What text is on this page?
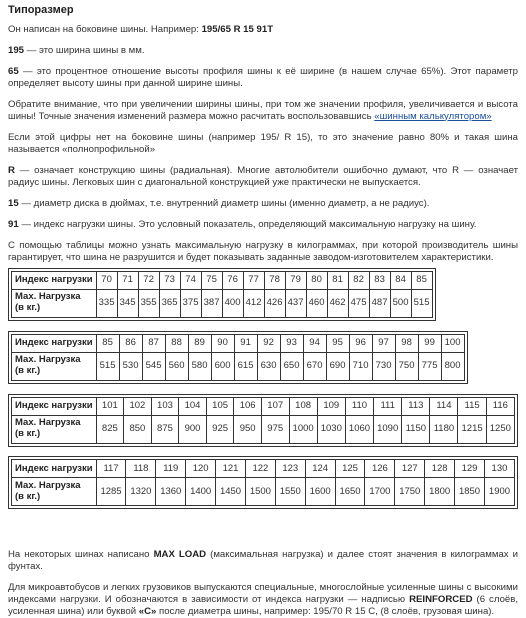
Типоразмер

Он написан на боковине шины. Например: 195/65 R 15 91T

195 — это ширина шины в мм.

65 — это процентное отношение высоты профиля шины к её ширине (в нашем случае 65%). Этот параметр определяет высоту шины при данной ширине шины.

Обратите внимание, что при увеличении ширины шины, при том же значении профиля, увеличивается и высота шины! Точные значения изменений размера можно расчитать воспользовавшись «шинным калькулятором»

Если этой цифры нет на боковине шины (например 195/ R 15), то это значение равно 80% и такая шина называется «полнопрофильной»

R — означает конструкцию шины (радиальная). Многие автолюбители ошибочно думают, что R — означает радиус шины. Легковых шин с диагональной конструкцией уже практически не выпускается.

15 — диаметр диска в дюймах, т.е. внутренний диаметр шины (именно диаметр, а не радиус).

91 — индекс нагрузки шины. Это условный показатель, определяющий максимальную нагрузку на шину.

С помощью таблицы можно узнать максимальную нагрузку в килограммах, при которой производитель шины гарантирует, что шина не разрушится и будет показывать заданные заводом-изготовителем характеристики.

Индекс нагрузки	70	71	72	73	74	75	76	77	78	79	80	81	82	83	84	85
Мах. Нагрузка
(в кг.)	335	345	355	365	375	387	400	412	426	437	460	462	475	487	500	515

Индекс нагрузки	85	86	87	88	89	90	91	92	93	94	95	96	97	98	99	100
Мах. Нагрузка
(в кг.)	515	530	545	560	580	600	615	630	650	670	690	710	730	750	775	800

Индекс нагрузки	101	102	103	104	105	106	107	108	109	110	111	113	114	115	116
Мах. Нагрузка
(в кг.)	825	850	875	900	925	950	975	1000	1030	1060	1090	1150	1180	1215	1250

Индекс нагрузки	117	118	119	120	121	122	123	124	125	126	127	128	129	130
Мах. Нагрузка
(в кг.)	1285	1320	1360	1400	1450	1500	1550	1600	1650	1700	1750	1800	1850	1900

На некоторых шинах написано MAX LOAD (максимальная нагрузка) и далее стоят значения в килограммах и фунтах.

Для микроавтобусов и легких грузовиков выпускаются специальные, многослойные усиленные шины с высокими индексами нагрузки. И обозначаются в зависимости от индекса нагрузки — надписью REINFORCED (6 слоёв, усиленная шина) или буквой «C» после диаметра шины, например: 195/70 R 15 C, (8 слоёв, грузовая шина).
